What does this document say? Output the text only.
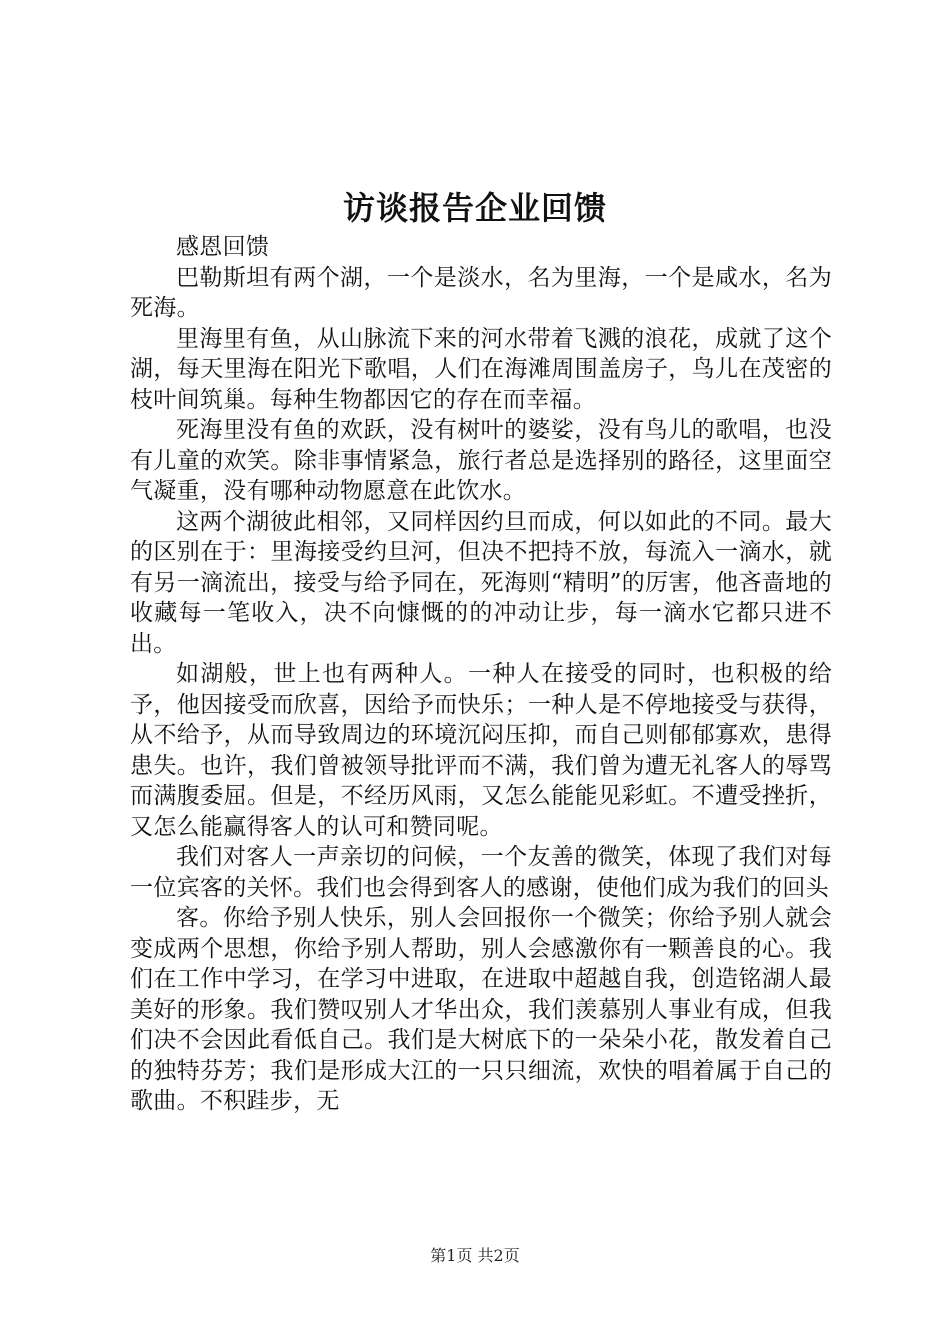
访谈报告企业回馈

感恩回馈

巴勒斯坦有两个湖，一个是淡水，名为里海，一个是咸水，名为死海。

里海里有鱼，从山脉流下来的河水带着飞溅的浪花，成就了这个湖，每天里海在阳光下歌唱，人们在海滩周围盖房子，鸟儿在茂密的枝叶间筑巢。每种生物都因它的存在而幸福。

死海里没有鱼的欢跃，没有树叶的婆娑，没有鸟儿的歌唱，也没有儿童的欢笑。除非事情紧急，旅行者总是选择别的路径，这里面空气凝重，没有哪种动物愿意在此饮水。

这两个湖彼此相邻，又同样因约旦而成，何以如此的不同。最大的区别在于：里海接受约旦河，但决不把持不放，每流入一滴水，就有另一滴流出，接受与给予同在，死海则“精明”的厉害，他吝啬地的收藏每一笔收入，决不向慷慨的的冲动让步，每一滴水它都只进不出。

如湖般，世上也有两种人。一种人在接受的同时，也积极的给予，他因接受而欣喜，因给予而快乐；一种人是不停地接受与获得，从不给予，从而导致周边的环境沉闷压抑，而自己则郁郁寡欢，患得患失。也许，我们曾被领导批评而不满，我们曾为遭无礼客人的辱骂而满腹委屈。但是，不经历风雨，又怎么能能见彩虹。不遭受挫折，又怎么能赢得客人的认可和赞同呢。

我们对客人一声亲切的问候，一个友善的微笑，体现了我们对每一位宾客的关怀。我们也会得到客人的感谢，使他们成为我们的回头

客。你给予别人快乐，别人会回报你一个微笑；你给予别人就会变成两个思想，你给予别人帮助，别人会感激你有一颗善良的心。我们在工作中学习，在学习中进取，在进取中超越自我，创造铭湖人最美好的形象。我们赞叹别人才华出众，我们羡慕别人事业有成，但我们决不会因此看低自己。我们是大树底下的一朵朵小花，散发着自己的独特芬芳；我们是形成大江的一只只细流，欢快的唱着属于自己的歌曲。不积跬步，无

第1页 共2页
